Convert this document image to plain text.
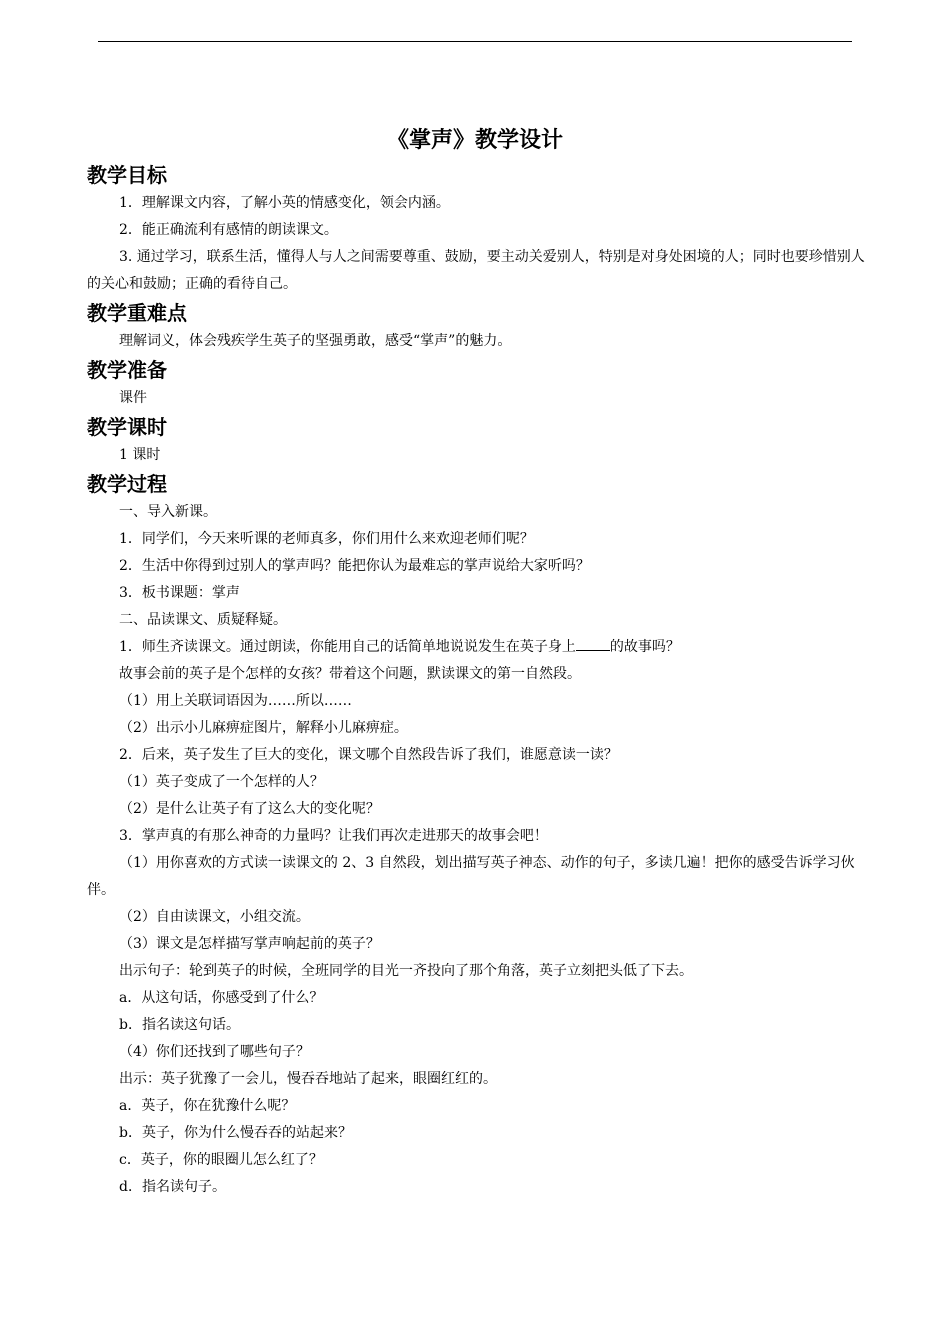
《掌声》教学设计
教学目标
1．理解课文内容，了解小英的情感变化，领会内涵。
2．能正确流利有感情的朗读课文。
3. 通过学习，联系生活，懂得人与人之间需要尊重、鼓励，要主动关爱别人，特别是对身处困境的人；同时也要珍惜别人的关心和鼓励；正确的看待自己。
教学重难点
理解词义，体会残疾学生英子的坚强勇敢，感受“掌声”的魅力。
教学准备
课件
教学课时
1 课时
教学过程
一、导入新课。
1．同学们，今天来听课的老师真多，你们用什么来欢迎老师们呢？
2．生活中你得到过别人的掌声吗？能把你认为最难忘的掌声说给大家听吗？
3．板书课题：掌声
二、品读课文、质疑释疑。
1．师生齐读课文。通过朗读，你能用自己的话简单地说说发生在英子身上 的故事吗？
故事会前的英子是个怎样的女孩？带着这个问题，默读课文的第一自然段。
（1）用上关联词语因为……所以……
（2）出示小儿麻痹症图片，解释小儿麻痹症。
2．后来，英子发生了巨大的变化，课文哪个自然段告诉了我们，谁愿意读一读？
（1）英子变成了一个怎样的人？
（2）是什么让英子有了这么大的变化呢？
3．掌声真的有那么神奇的力量吗？让我们再次走进那天的故事会吧！
（1）用你喜欢的方式读一读课文的 2、3 自然段，划出描写英子神态、动作的句子，多读几遍！把你的感受告诉学习伙伴。
（2）自由读课文，小组交流。
（3）课文是怎样描写掌声响起前的英子？
出示句子：轮到英子的时候，全班同学的目光一齐投向了那个角落，英子立刻把头低了下去。
a．从这句话，你感受到了什么？
b．指名读这句话。
（4）你们还找到了哪些句子？
出示：英子犹豫了一会儿，慢吞吞地站了起来，眼圈红红的。
a．英子，你在犹豫什么呢？
b．英子，你为什么慢吞吞的站起来？
c．英子，你的眼圈儿怎么红了？
d．指名读句子。
